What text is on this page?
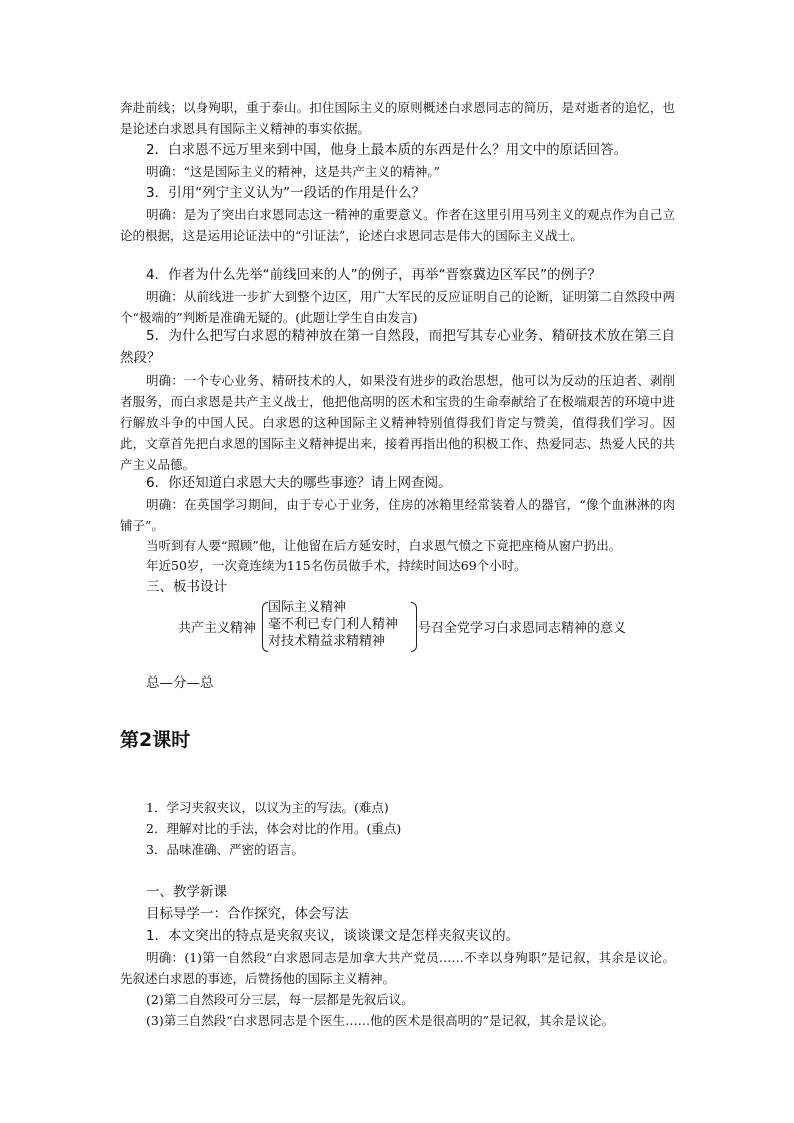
奔赴前线；以身殉职，重于泰山。扣住国际主义的原则概述白求恩同志的简历，是对逝者的追忆，也是论述白求恩具有国际主义精神的事实依据。

2．白求恩不远万里来到中国，他身上最本质的东西是什么？用文中的原话回答。

明确：“这是国际主义的精神，这是共产主义的精神。”

3．引用“列宁主义认为”一段话的作用是什么？

明确：是为了突出白求恩同志这一精神的重要意义。作者在这里引用马列主义的观点作为自己立论的根据，这是运用论证法中的“引证法”，论述白求恩同志是伟大的国际主义战士。

4．作者为什么先举“前线回来的人”的例子，再举“晋察冀边区军民”的例子？

明确：从前线进一步扩大到整个边区，用广大军民的反应证明自己的论断，证明第二自然段中两个“极端的”判断是准确无疑的。(此题让学生自由发言)

5．为什么把写白求恩的精神放在第一自然段，而把写其专心业务、精研技术放在第三自然段？

明确：一个专心业务、精研技术的人，如果没有进步的政治思想，他可以为反动的压迫者、剥削者服务，而白求恩是共产主义战士，他把他高明的医术和宝贵的生命奉献给了在极端艰苦的环境中进行解放斗争的中国人民。白求恩的这种国际主义精神特别值得我们肯定与赞美，值得我们学习。因此，文章首先把白求恩的国际主义精神提出来，接着再指出他的积极工作、热爱同志、热爱人民的共产主义品德。

6．你还知道白求恩大夫的哪些事迹？请上网查阅。

明确：在英国学习期间，由于专心于业务，住房的冰箱里经常装着人的器官，“像个血淋淋的肉铺子”。

当听到有人要“照顾”他，让他留在后方延安时，白求恩气愤之下竟把座椅从窗户扔出。

年近50岁，一次竟连续为115名伤员做手术，持续时间达69个小时。

三、板书设计

共产主义精神
国际主义精神
毫不利已专门利人精神
对技术精益求精精神
号召全党学习白求恩同志精神的意义

总—分—总

第2课时

1．学习夹叙夹议，以议为主的写法。(难点)

2．理解对比的手法，体会对比的作用。(重点)

3．品味准确、严密的语言。

一、教学新课

目标导学一：合作探究，体会写法

1．本文突出的特点是夹叙夹议，谈谈课文是怎样夹叙夹议的。

明确：(1)第一自然段“白求恩同志是加拿大共产党员……不幸以身殉职”是记叙，其余是议论。先叙述白求恩的事迹，后赞扬他的国际主义精神。

(2)第二自然段可分三层，每一层都是先叙后议。

(3)第三自然段“白求恩同志是个医生……他的医术是很高明的”是记叙，其余是议论。
